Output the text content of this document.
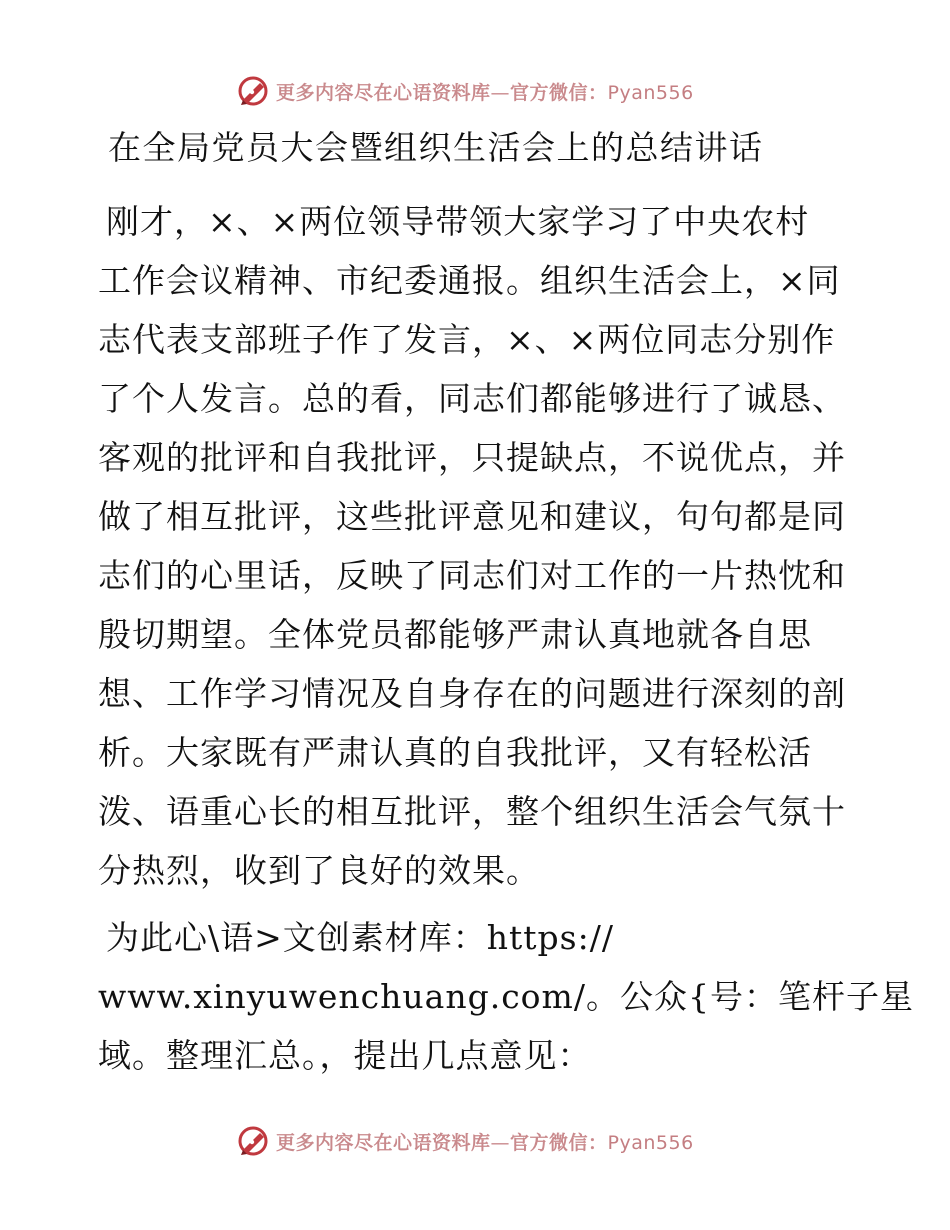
更多内容尽在心语资料库—官方微信：Pyan556
在全局党员大会暨组织生活会上的总结讲话
刚才，×、×两位领导带领大家学习了中央农村
工作会议精神、市纪委通报。组织生活会上，×同
志代表支部班子作了发言，×、×两位同志分别作
了个人发言。总的看，同志们都能够进行了诚恳、
客观的批评和自我批评，只提缺点，不说优点，并
做了相互批评，这些批评意见和建议，句句都是同
志们的心里话，反映了同志们对工作的一片热忱和
殷切期望。全体党员都能够严肃认真地就各自思
想、工作学习情况及自身存在的问题进行深刻的剖
析。大家既有严肃认真的自我批评，又有轻松活
泼、语重心长的相互批评，整个组织生活会气氛十
分热烈，收到了良好的效果。
为此心\语>文创素材库：https://
www.xinyuwenchuang.com/。公众{号：笔杆子星
域。整理汇总。，提出几点意见：
更多内容尽在心语资料库—官方微信：Pyan556
